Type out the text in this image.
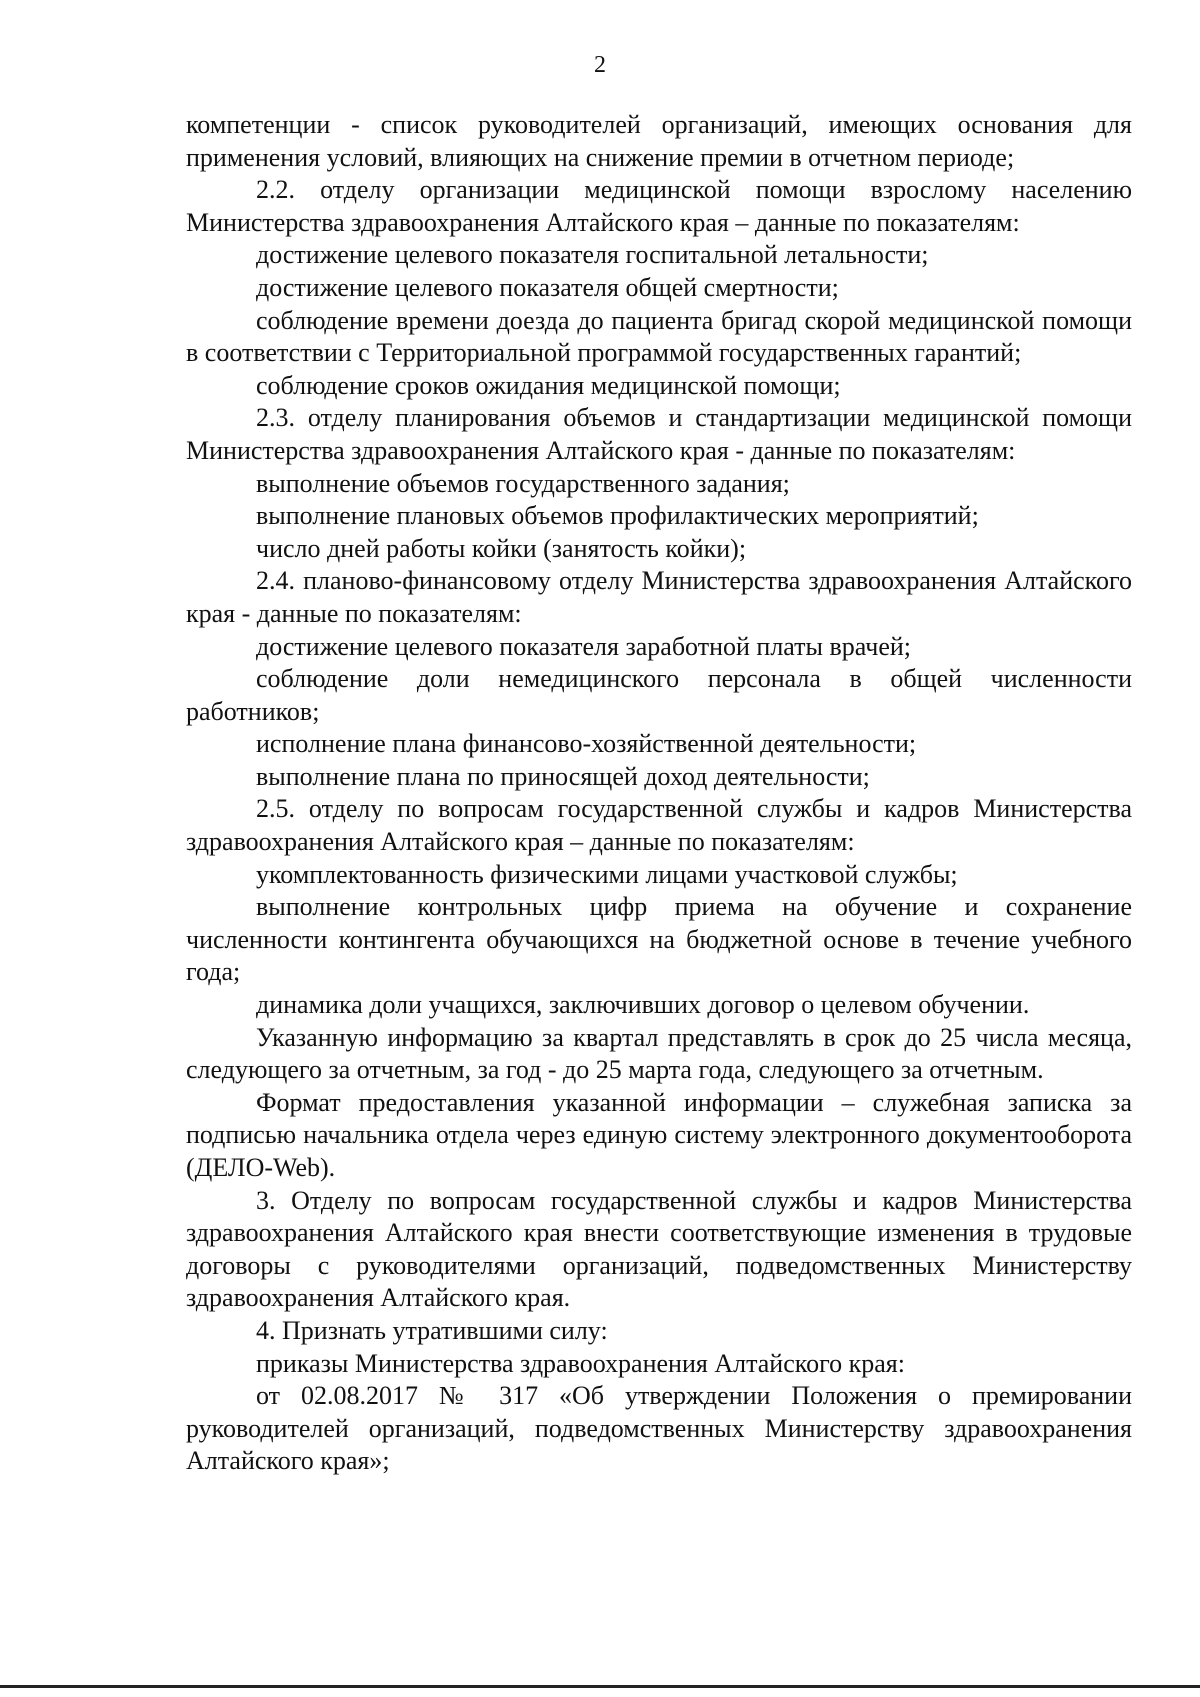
2

компетенции - список руководителей организаций, имеющих основания для применения условий, влияющих на снижение премии в отчетном периоде;

2.2. отделу организации медицинской помощи взрослому населению Министерства здравоохранения Алтайского края – данные по показателям:

достижение целевого показателя госпитальной летальности;

достижение целевого показателя общей смертности;

соблюдение времени доезда до пациента бригад скорой медицинской помощи в соответствии с Территориальной программой государственных гарантий;

соблюдение сроков ожидания медицинской помощи;

2.3. отделу планирования объемов и стандартизации медицинской помощи Министерства здравоохранения Алтайского края - данные по показателям:

выполнение объемов государственного задания;

выполнение плановых объемов профилактических мероприятий;

число дней работы койки (занятость койки);

2.4. планово-финансовому отделу Министерства здравоохранения Алтайского края - данные по показателям:

достижение целевого показателя заработной платы врачей;

соблюдение доли немедицинского персонала в общей численности работников;

исполнение плана финансово-хозяйственной деятельности;

выполнение плана по приносящей доход деятельности;

2.5. отделу по вопросам государственной службы и кадров Министерства здравоохранения Алтайского края – данные по показателям:

укомплектованность физическими лицами участковой службы;

выполнение контрольных цифр приема на обучение и сохранение численности контингента обучающихся на бюджетной основе в течение учебного года;

динамика доли учащихся, заключивших договор о целевом обучении.

Указанную информацию за квартал представлять в срок до 25 числа месяца, следующего за отчетным, за год - до 25 марта года, следующего за отчетным.

Формат предоставления указанной информации – служебная записка за подписью начальника отдела через единую систему электронного документооборота (ДЕЛО-Web).

3. Отделу по вопросам государственной службы и кадров Министерства здравоохранения Алтайского края внести соответствующие изменения в трудовые договоры с руководителями организаций, подведомственных Министерству здравоохранения Алтайского края.

4. Признать утратившими силу:

приказы Министерства здравоохранения Алтайского края:

от 02.08.2017 № 317 «Об утверждении Положения о премировании руководителей организаций, подведомственных Министерству здравоохранения Алтайского края»;
